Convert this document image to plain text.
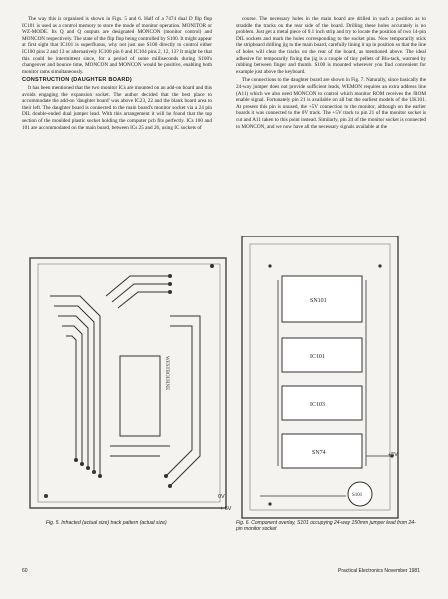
The way this is organised is shown in Figs. 5 and 6. Half of a 7474 dual D flip flop IC101 is used as a control memory to store the mode of monitor operation. MONITOR or WZ-MODE. Its Q and Q outputs are designated MONCON (monitor control) and MONCON respectively. The state of the flip flop being controlled by S100. It might appear at first sight that IC101 is superfluous, why not just use S100 directly to control either IC100 pins 2 and 13 or alternatively IC100 pin 6 and IC104 pins 2, 12, 13? It might be that this could be intermittent since, for a period of some milliseconds during S100's changeover and bounce time, MONCON and MONCON would be positive, enabling both monitor rams simultaneously.

CONSTRUCTION (DAUGHTER BOARD)

It has been mentioned that the two monitor ICs are mounted on an add-on board and this avoids engaging the expansion socket. The author decided that the best place to accommodate the add-on 'daughter board' was above IC23, 22 and the blank board area to their left. The daughter board is connected to the main board's monitor socket via a 24 pin DIL double-ended dual jumper lead. With this arrangement it will be found that the top section of the moulded plastic socket holding the computer pcb fits perfectly. ICs 100 and 101 are accommodated on the main board, between ICs 25 and 26, using IC sockets of

course. The necessary holes in the main board are drilled in such a position as to straddle the tracks on the rear side of the board. Drilling these holes accurately is no problem. Just get a metal piece of 0.1 inch strip and try to locate the position of two 14-pin DIL sockets and mark the holes corresponding to the socket pins. Now temporarily stick the stripboard drilling jig to the main board, carefully lining it up in position so that the line of holes will clear the tracks on the rear of the board, as mentioned above. The ideal adhesive for temporarily fixing the jig is a couple of tiny pellets of Blu-tack, warmed by rubbing between finger and thumb. S100 is mounted wherever you find convenient for example just above the keyboard.

The connections to the daughter board are shown in Fig. 7. Naturally, since basically the 24-way jumper does not provide sufficient leads, WEMON requires an extra address line (A11) which we also need MONCON to control which monitor ROM receives the /ROM enable signal. Fortunately pin 21 is available on all but the earliest models of the UK101. At present this pin is unused, the +5V connection to the monitor, although on the earlier boards it was connected to the 0V track. The +5V track to pin 21 of the monitor socket is cut and A11 taken to this point instead. Similarly, pin 24 of the monitor socket is connected to MONCON, and we now have all the necessary signals available at the

WESTBOURNE
SN101
IC101
IC103
SN74
S101
+5V
0V
+ 6V
Fig. 5. Infracted (actual size) track pattern (actual size)	Fig. 6. Component overlay, S101 occupying 24-way 150mm jumper lead from 24-pin monitor socket
60	Practical Electronics November 1981
